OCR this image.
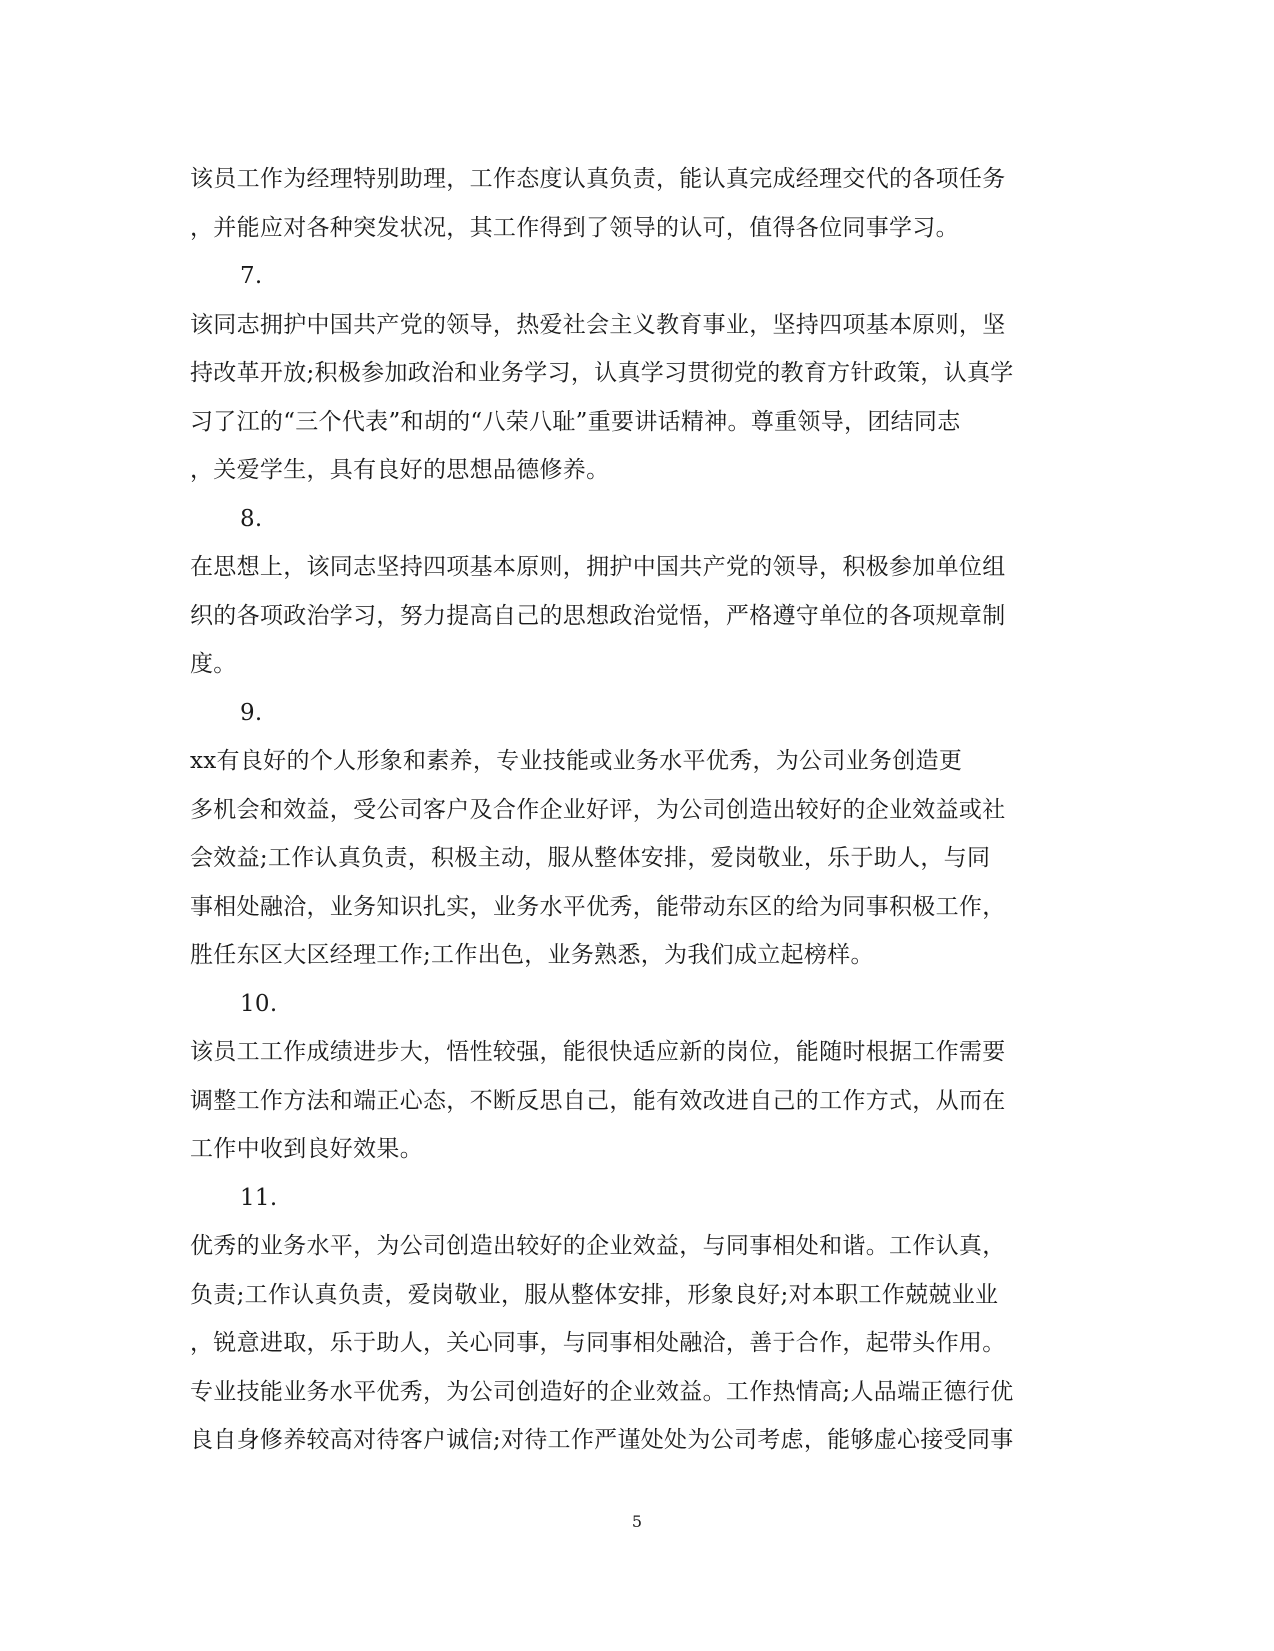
该员工作为经理特别助理，工作态度认真负责，能认真完成经理交代的各项任务
，并能应对各种突发状况，其工作得到了领导的认可，值得各位同事学习。
7.
该同志拥护中国共产党的领导，热爱社会主义教育事业，坚持四项基本原则，坚
持改革开放;积极参加政治和业务学习，认真学习贯彻党的教育方针政策，认真学
习了江的“三个代表”和胡的“八荣八耻”重要讲话精神。尊重领导，团结同志
，关爱学生，具有良好的思想品德修养。
8.
在思想上，该同志坚持四项基本原则，拥护中国共产党的领导，积极参加单位组
织的各项政治学习，努力提高自己的思想政治觉悟，严格遵守单位的各项规章制
度。
9.
xx有良好的个人形象和素养，专业技能或业务水平优秀，为公司业务创造更
多机会和效益，受公司客户及合作企业好评，为公司创造出较好的企业效益或社
会效益;工作认真负责，积极主动，服从整体安排，爱岗敬业，乐于助人，与同
事相处融洽，业务知识扎实，业务水平优秀，能带动东区的给为同事积极工作，
胜任东区大区经理工作;工作出色，业务熟悉，为我们成立起榜样。
10.
该员工工作成绩进步大，悟性较强，能很快适应新的岗位，能随时根据工作需要
调整工作方法和端正心态，不断反思自己，能有效改进自己的工作方式，从而在
工作中收到良好效果。
11.
优秀的业务水平，为公司创造出较好的企业效益，与同事相处和谐。工作认真，
负责;工作认真负责，爱岗敬业，服从整体安排，形象良好;对本职工作兢兢业业
，锐意进取，乐于助人，关心同事，与同事相处融洽，善于合作，起带头作用。
专业技能业务水平优秀，为公司创造好的企业效益。工作热情高;人品端正德行优
良自身修养较高对待客户诚信;对待工作严谨处处为公司考虑，能够虚心接受同事
5
